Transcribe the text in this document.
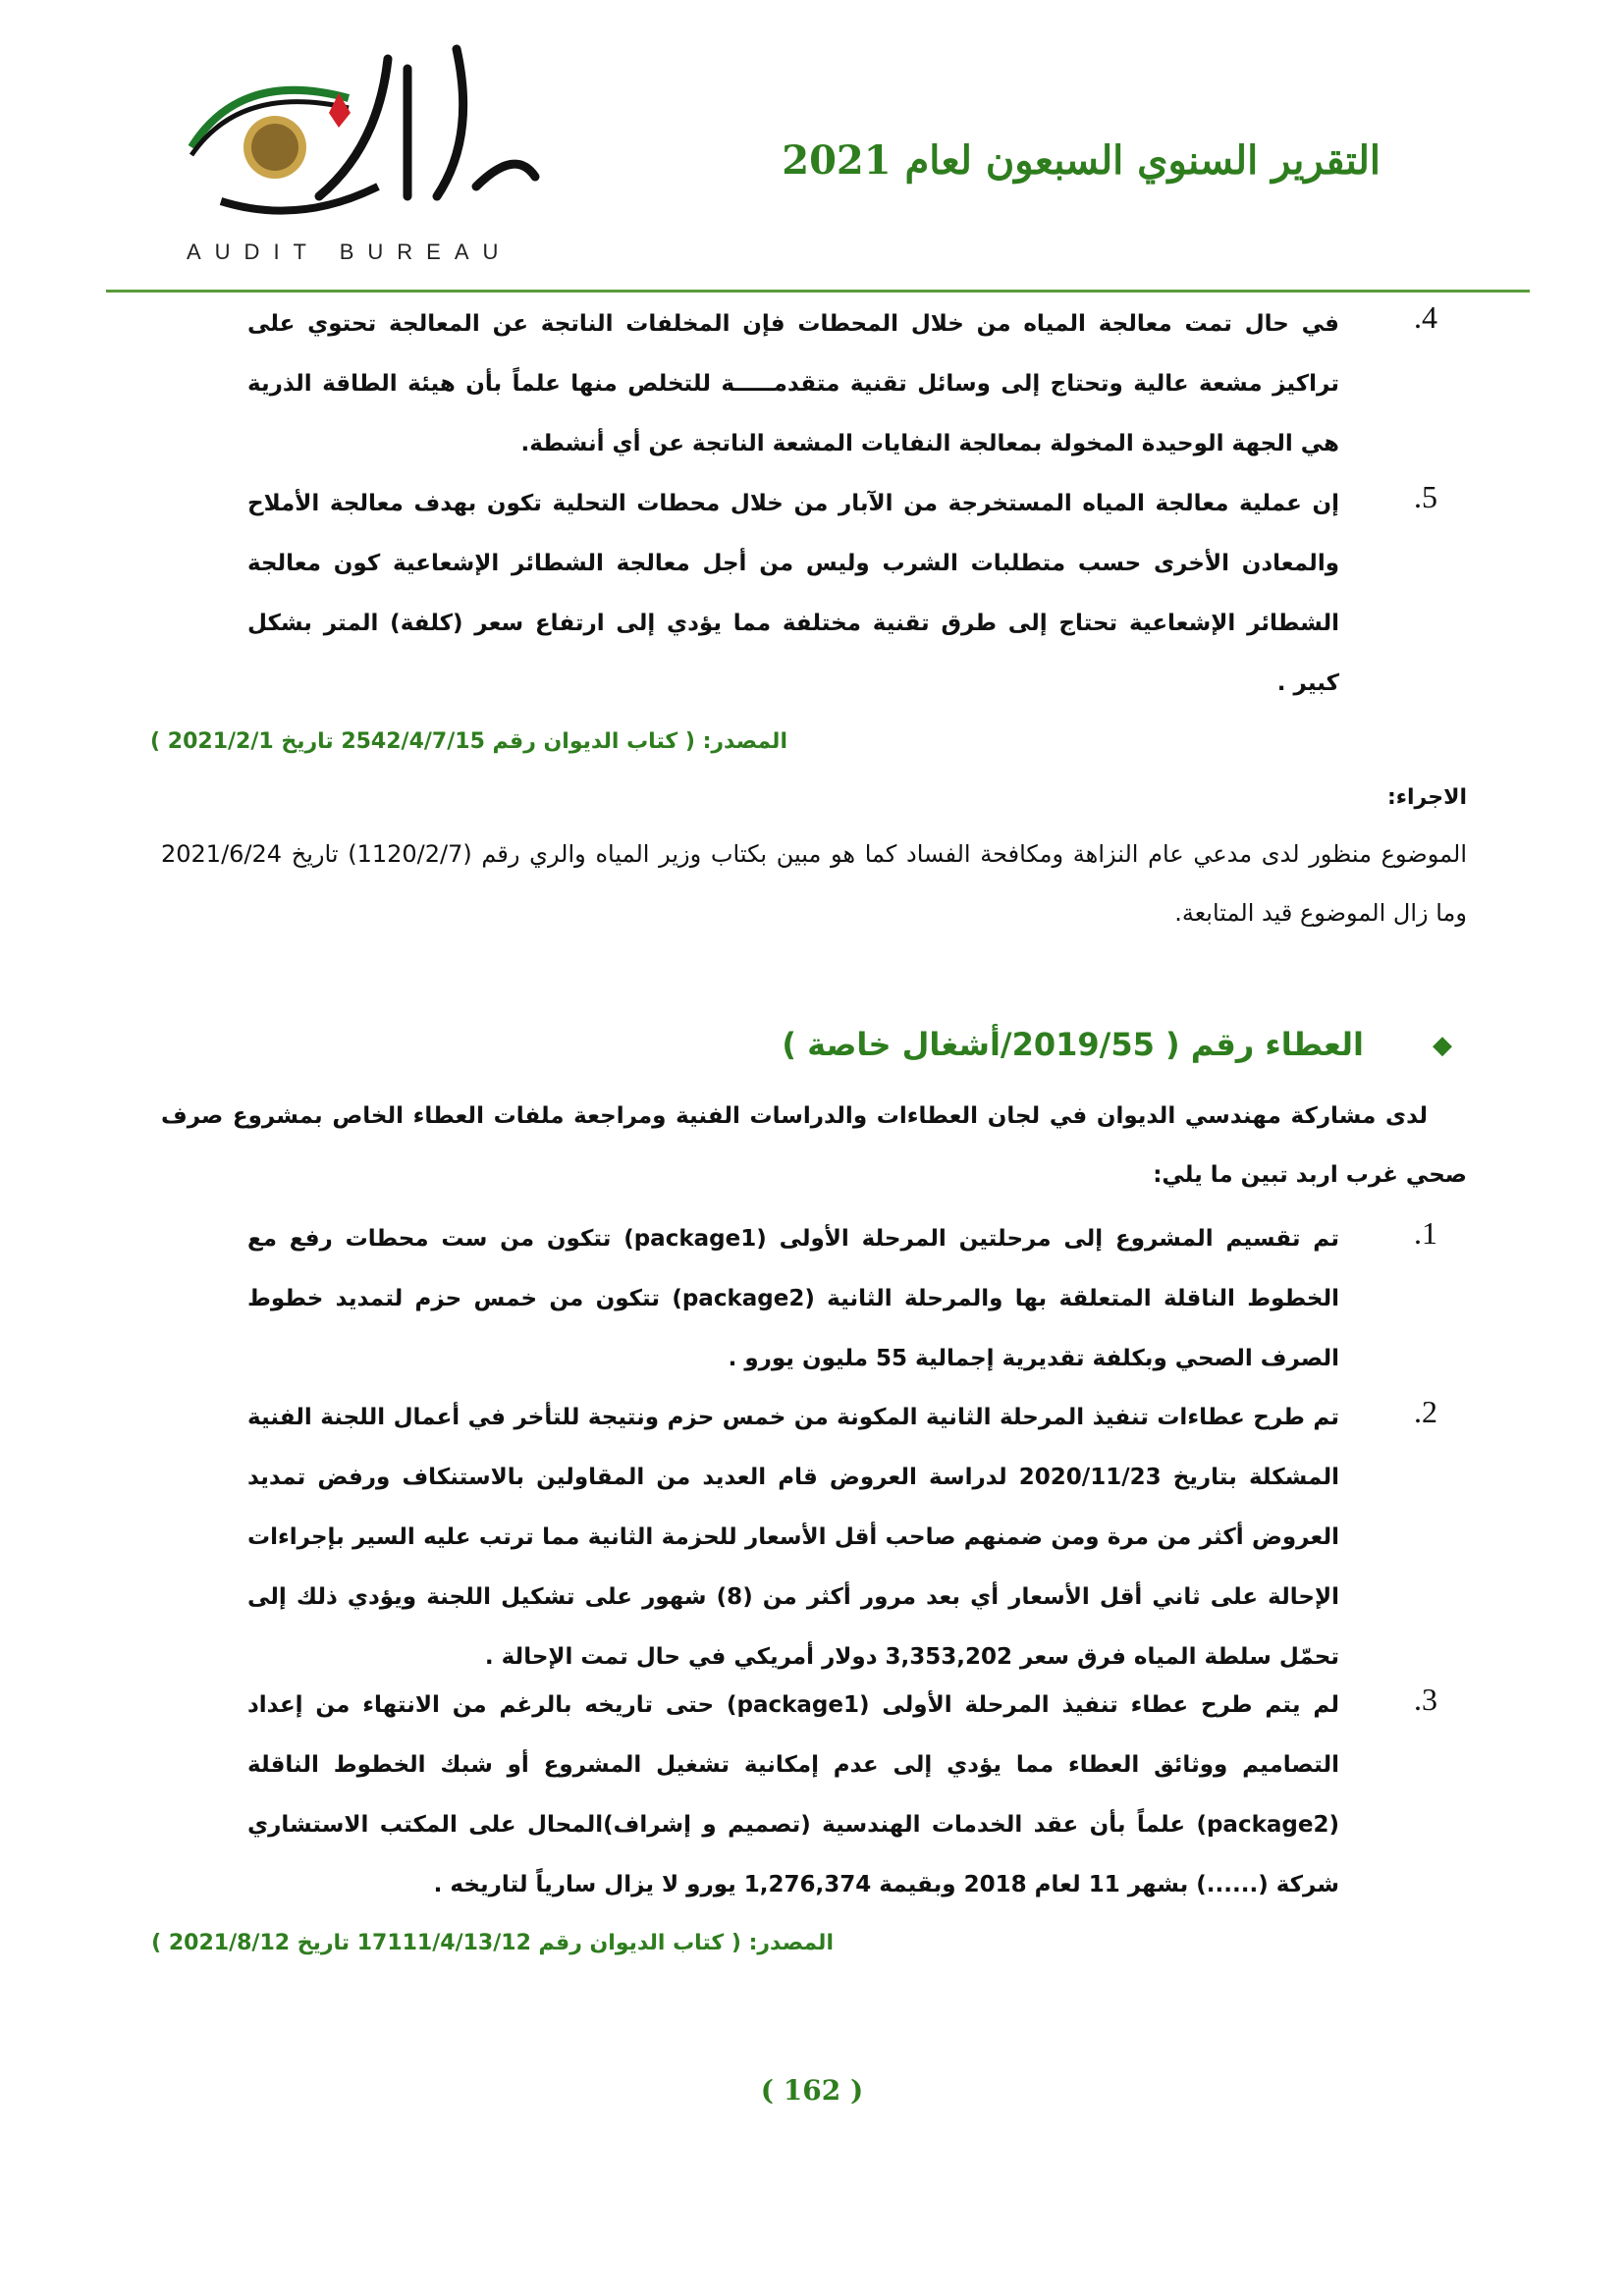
AUDIT BUREAU
التقرير السنوي السبعون لعام 2021
.4
في حال تمت معالجة المياه من خلال المحطات فإن المخلفات الناتجة عن المعالجة تحتوي على تراكيز مشعة عالية وتحتاج إلى وسائل تقنية متقدمـــــة للتخلص منها علماً بأن هيئة الطاقة الذرية هي الجهة الوحيدة المخولة بمعالجة النفايات المشعة الناتجة عن أي أنشطة.
.5
إن عملية معالجة المياه المستخرجة من الآبار من خلال محطات التحلية تكون بهدف معالجة الأملاح والمعادن الأخرى حسب متطلبات الشرب وليس من أجل معالجة الشطائر الإشعاعية كون معالجة الشطائر الإشعاعية تحتاج إلى طرق تقنية مختلفة مما يؤدي إلى ارتفاع سعر (كلفة) المتر بشكل كبير .
المصدر: ( كتاب الديوان رقم 2542/4/7/15 تاريخ 2021/2/1 )
الاجراء:
الموضوع منظور لدى مدعي عام النزاهة ومكافحة الفساد كما هو مبين بكتاب وزير المياه والري رقم (1120/2/7) تاريخ 2021/6/24 وما زال الموضوع قيد المتابعة.
◆
العطاء رقم ( 2019/55/أشغال خاصة )
لدى مشاركة مهندسي الديوان في لجان العطاءات والدراسات الفنية ومراجعة ملفات العطاء الخاص بمشروع صرف صحي غرب اربد تبين ما يلي:
.1
تم تقسيم المشروع إلى مرحلتين المرحلة الأولى (package1) تتكون من ست محطات رفع مع الخطوط الناقلة المتعلقة بها والمرحلة الثانية (package2) تتكون من خمس حزم لتمديد خطوط الصرف الصحي وبكلفة تقديرية إجمالية 55 مليون يورو .
.2
تم طرح عطاءات تنفيذ المرحلة الثانية المكونة من خمس حزم ونتيجة للتأخر في أعمال اللجنة الفنية المشكلة بتاريخ 2020/11/23 لدراسة العروض قام العديد من المقاولين بالاستنكاف ورفض تمديد العروض أكثر من مرة ومن ضمنهم صاحب أقل الأسعار للحزمة الثانية مما ترتب عليه السير بإجراءات الإحالة على ثاني أقل الأسعار أي بعد مرور أكثر من (8) شهور على تشكيل اللجنة ويؤدي ذلك إلى تحمّل سلطة المياه فرق سعر 3,353,202 دولار أمريكي في حال تمت الإحالة .
.3
لم يتم طرح عطاء تنفيذ المرحلة الأولى (package1) حتى تاريخه بالرغم من الانتهاء من إعداد التصاميم ووثائق العطاء مما يؤدي إلى عدم إمكانية تشغيل المشروع أو شبك الخطوط الناقلة (package2) علماً بأن عقد الخدمات الهندسية (تصميم و إشراف)المحال على المكتب الاستشاري شركة (......) بشهر 11 لعام 2018 وبقيمة 1,276,374 يورو لا يزال سارياً لتاريخه .
المصدر: ( كتاب الديوان رقم 17111/4/13/12 تاريخ 2021/8/12 )
( 162 )
